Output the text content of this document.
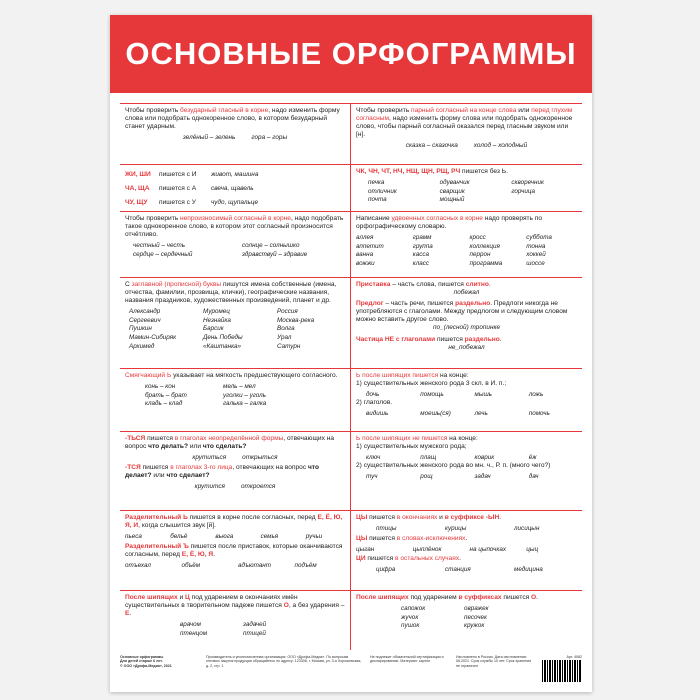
ОСНОВНЫЕ ОРФОГРАММЫ
Чтобы проверить безударный гласный в корне, надо изменить форму слова или подобрать однокоренное слово, в котором безударный станет ударным.
зелёный – зелень	гора – горы
Чтобы проверить парный согласный на конце слова или перед глухим согласным, надо изменить форму слова или подобрать однокоренное слово, чтобы парный согласный оказался перед гласным звуком или [н].
сказка – сказочка	холод – холодный
ЖИ, ШИ	пишется с И	живот, машина
ЧА, ЩА	пишется с А	свеча, щавель
ЧУ, ЩУ	пишется с У	чудо, щупальце
ЧК, ЧН, ЧТ, НЧ, НЩ, ЩН, РЩ, РЧ пишется без Ь.
печка	одуванчик	скворечник
отличник	сварщик	горчица
почта	мощный
Чтобы проверить непроизносимый согласный в корне, надо подобрать такое однокоренное слово, в котором этот согласный произносится отчётливо.
честный – честь	солнце – солнышко
сердце – сердечный	здравствуй – здравие
Написание удвоенных согласных в корне надо проверять по орфографическому словарю.
аллея	грамм	кросс	суббота
аппетит	группа	коллекция	тонна
ванна	касса	перрон	хоккей
вожжи	класс	программа	шоссе
С заглавной (прописной) буквы пишутся имена собственные (имена, отчества, фамилии, прозвища, клички), географические названия, названия праздников, художественных произведений, планет и др.
Александр	Муромец	Россия
Сергеевич	Незнайка	Москва-река
Пушкин	Барсик	Волга
Мамин-Сибиряк	День Победы	Урал
Архимед	«Каштанка»	Сатурн
Приставка – часть слова, пишется слитно.
побежал
Предлог – часть речи, пишется раздельно. Предлоги никогда не употребляются с глаголами. Между предлогом и следующим словом можно вставить другое слово.
по_(лесной) тропинке
Частица НЕ с глаголами пишется раздельно.
не_побежал
Смягчающий Ь указывает на мягкость предшествующего согласного.
конь – кон	мель – мел
брать – брат	уголки – уголь
кладь – клад	галька – галка
Ь после шипящих пишется на конце:
1) существительных женского рода 3 скл. в И. п.;
дочь	помощь	мышь	ложь
2) глаголов.
видишь	моешь(ся)	лечь	помочь
-ТЬСЯ пишется в глаголах неопределённой формы, отвечающих на вопрос что делать? или что сделать?
крутиться	открыться
-ТСЯ пишется в глаголах 3-го лица, отвечающих на вопрос что делает? или что сделает?
крутится	откроется
Ь после шипящих не пишется на конце:
1) существительных мужского рода;
ключ	плащ	коврик	ёж
2) существительных женского рода во мн. ч., Р. п. (много чего?)
туч	рощ	задач	дач
Разделительный Ь пишется в корне после согласных, перед Е, Ё, Ю, Я, И, когда слышится звук [й].
пьеса	бельё	вьюга	семья	ручьи
Разделительный Ъ пишется после приставок, которые оканчиваются согласным, перед Е, Ё, Ю, Я.
отъехал	объём	адъютант	подъём
ЦЫ пишется в окончаниях и в суффиксе -ЫН.
птицы	курицы	лисицын
ЦЫ пишется в словах-исключениях.
цыган	цыплёнок	на цыпочках	цыц
ЦИ пишется в остальных случаях.
цифра	станция	медицина
После шипящих и Ц под ударением в окончаниях имён существительных в творительном падеже пишется О, а без ударения – Е.
врачом	задачей
птенцом	птицей
После шипящих под ударением в суффиксах пишется О.
сапожок	овражек
жучок	песочек
пушок	кружок
Основные орфограммы
Для детей старше 6 лет.
© ООО «Дрофа-Медиа», 2021
Производитель и уполномоченная организация: ООО «Дрофа-Медиа». По вопросам оптовых закупок продукции обращайтесь по адресу: 123308, г. Москва, ул. 3-я Хорошевская, д. 2, стр. 1
Не подлежит обязательной сертификации и декларированию. Материал: картон
Изготовлено в России. Дата изготовления: 06.2021. Срок службы 10 лет. Срок хранения не ограничен
Арт. 4082
